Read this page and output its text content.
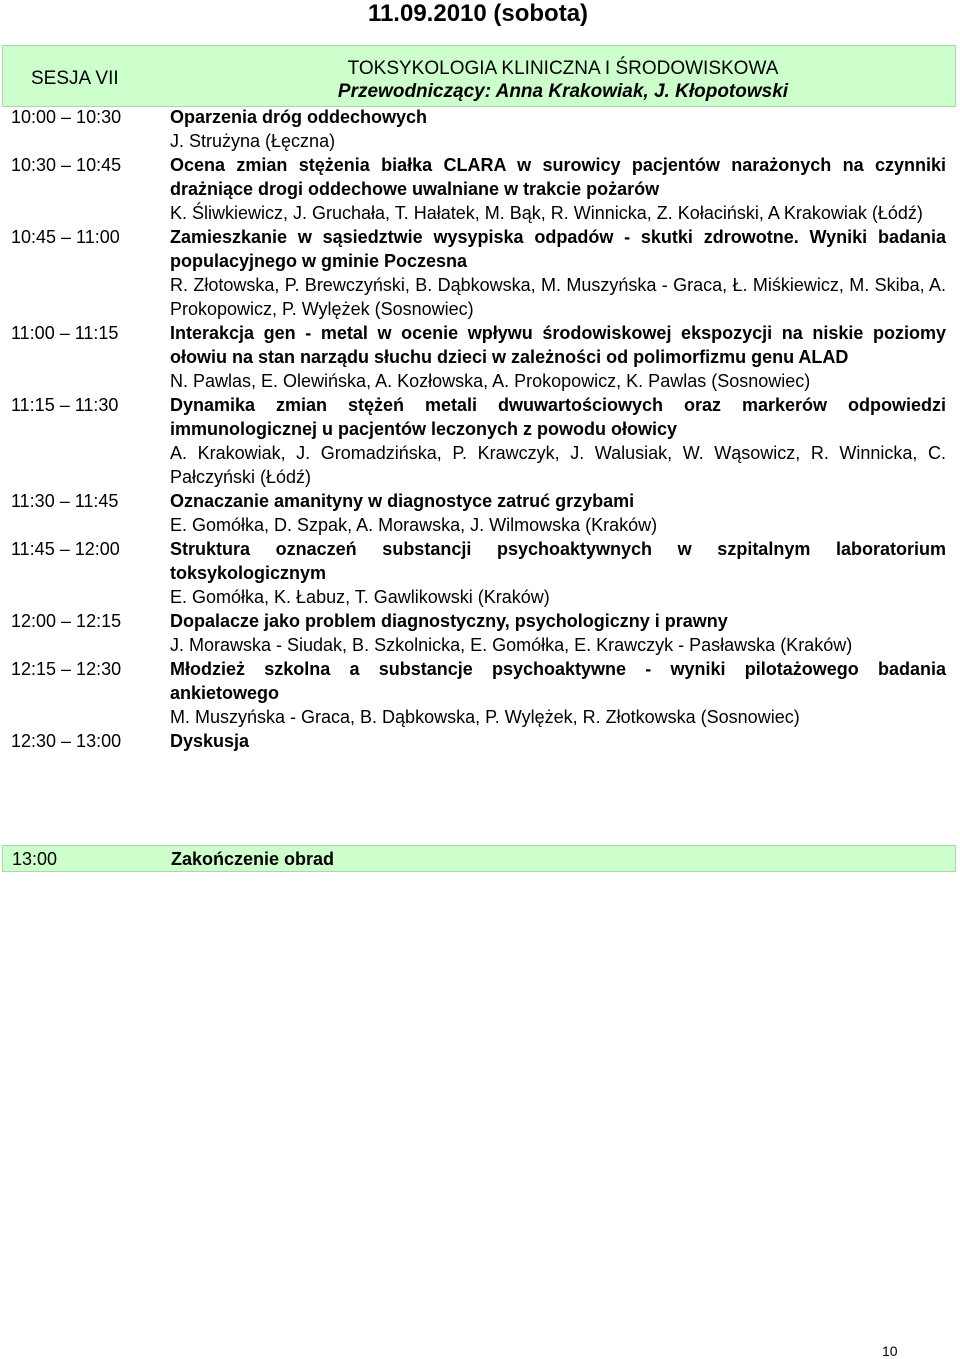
11.09.2010 (sobota)
SESJA VII	TOKSYKOLOGIA KLINICZNA I ŚRODOWISKOWA
Przewodniczący: Anna Krakowiak, J. Kłopotowski
10:00 – 10:30	Oparzenia dróg oddechowych
J. Strużyna (Łęczna)
10:30 – 10:45	Ocena zmian stężenia białka CLARA w surowicy pacjentów narażonych na czynniki drażniące drogi oddechowe uwalniane w trakcie pożarów
K. Śliwkiewicz, J. Gruchała, T. Hałatek, M. Bąk, R. Winnicka, Z. Kołaciński, A Krakowiak (Łódź)
10:45 – 11:00	Zamieszkanie w sąsiedztwie wysypiska odpadów - skutki zdrowotne. Wyniki badania populacyjnego w gminie Poczesna
R. Złotowska, P. Brewczyński, B. Dąbkowska, M. Muszyńska - Graca, Ł. Miśkiewicz, M. Skiba, A. Prokopowicz, P. Wylężek (Sosnowiec)
11:00 – 11:15	Interakcja gen - metal w ocenie wpływu środowiskowej ekspozycji na niskie poziomy ołowiu na stan narządu słuchu dzieci w zależności od polimorfizmu genu ALAD
N. Pawlas, E. Olewińska, A. Kozłowska, A. Prokopowicz, K. Pawlas (Sosnowiec)
11:15 – 11:30	Dynamika zmian stężeń metali dwuwartościowych oraz markerów odpowiedzi immunologicznej u pacjentów leczonych z powodu ołowicy
A. Krakowiak, J. Gromadzińska, P. Krawczyk, J. Walusiak, W. Wąsowicz, R. Winnicka, C. Pałczyński (Łódź)
11:30 – 11:45	Oznaczanie amanityny w diagnostyce zatruć grzybami
E. Gomółka, D. Szpak, A. Morawska, J. Wilmowska (Kraków)
11:45 – 12:00	Struktura oznaczeń substancji psychoaktywnych w szpitalnym laboratorium toksykologicznym
E. Gomółka, K. Łabuz, T. Gawlikowski (Kraków)
12:00 – 12:15	Dopalacze jako problem diagnostyczny, psychologiczny i prawny
J. Morawska - Siudak, B. Szkolnicka, E. Gomółka, E. Krawczyk - Pasławska (Kraków)
12:15 – 12:30	Młodzież szkolna a substancje psychoaktywne - wyniki pilotażowego badania ankietowego
M. Muszyńska - Graca, B. Dąbkowska, P. Wylężek, R. Złotkowska (Sosnowiec)
12:30 – 13:00	Dyskusja
13:00	Zakończenie obrad
10
